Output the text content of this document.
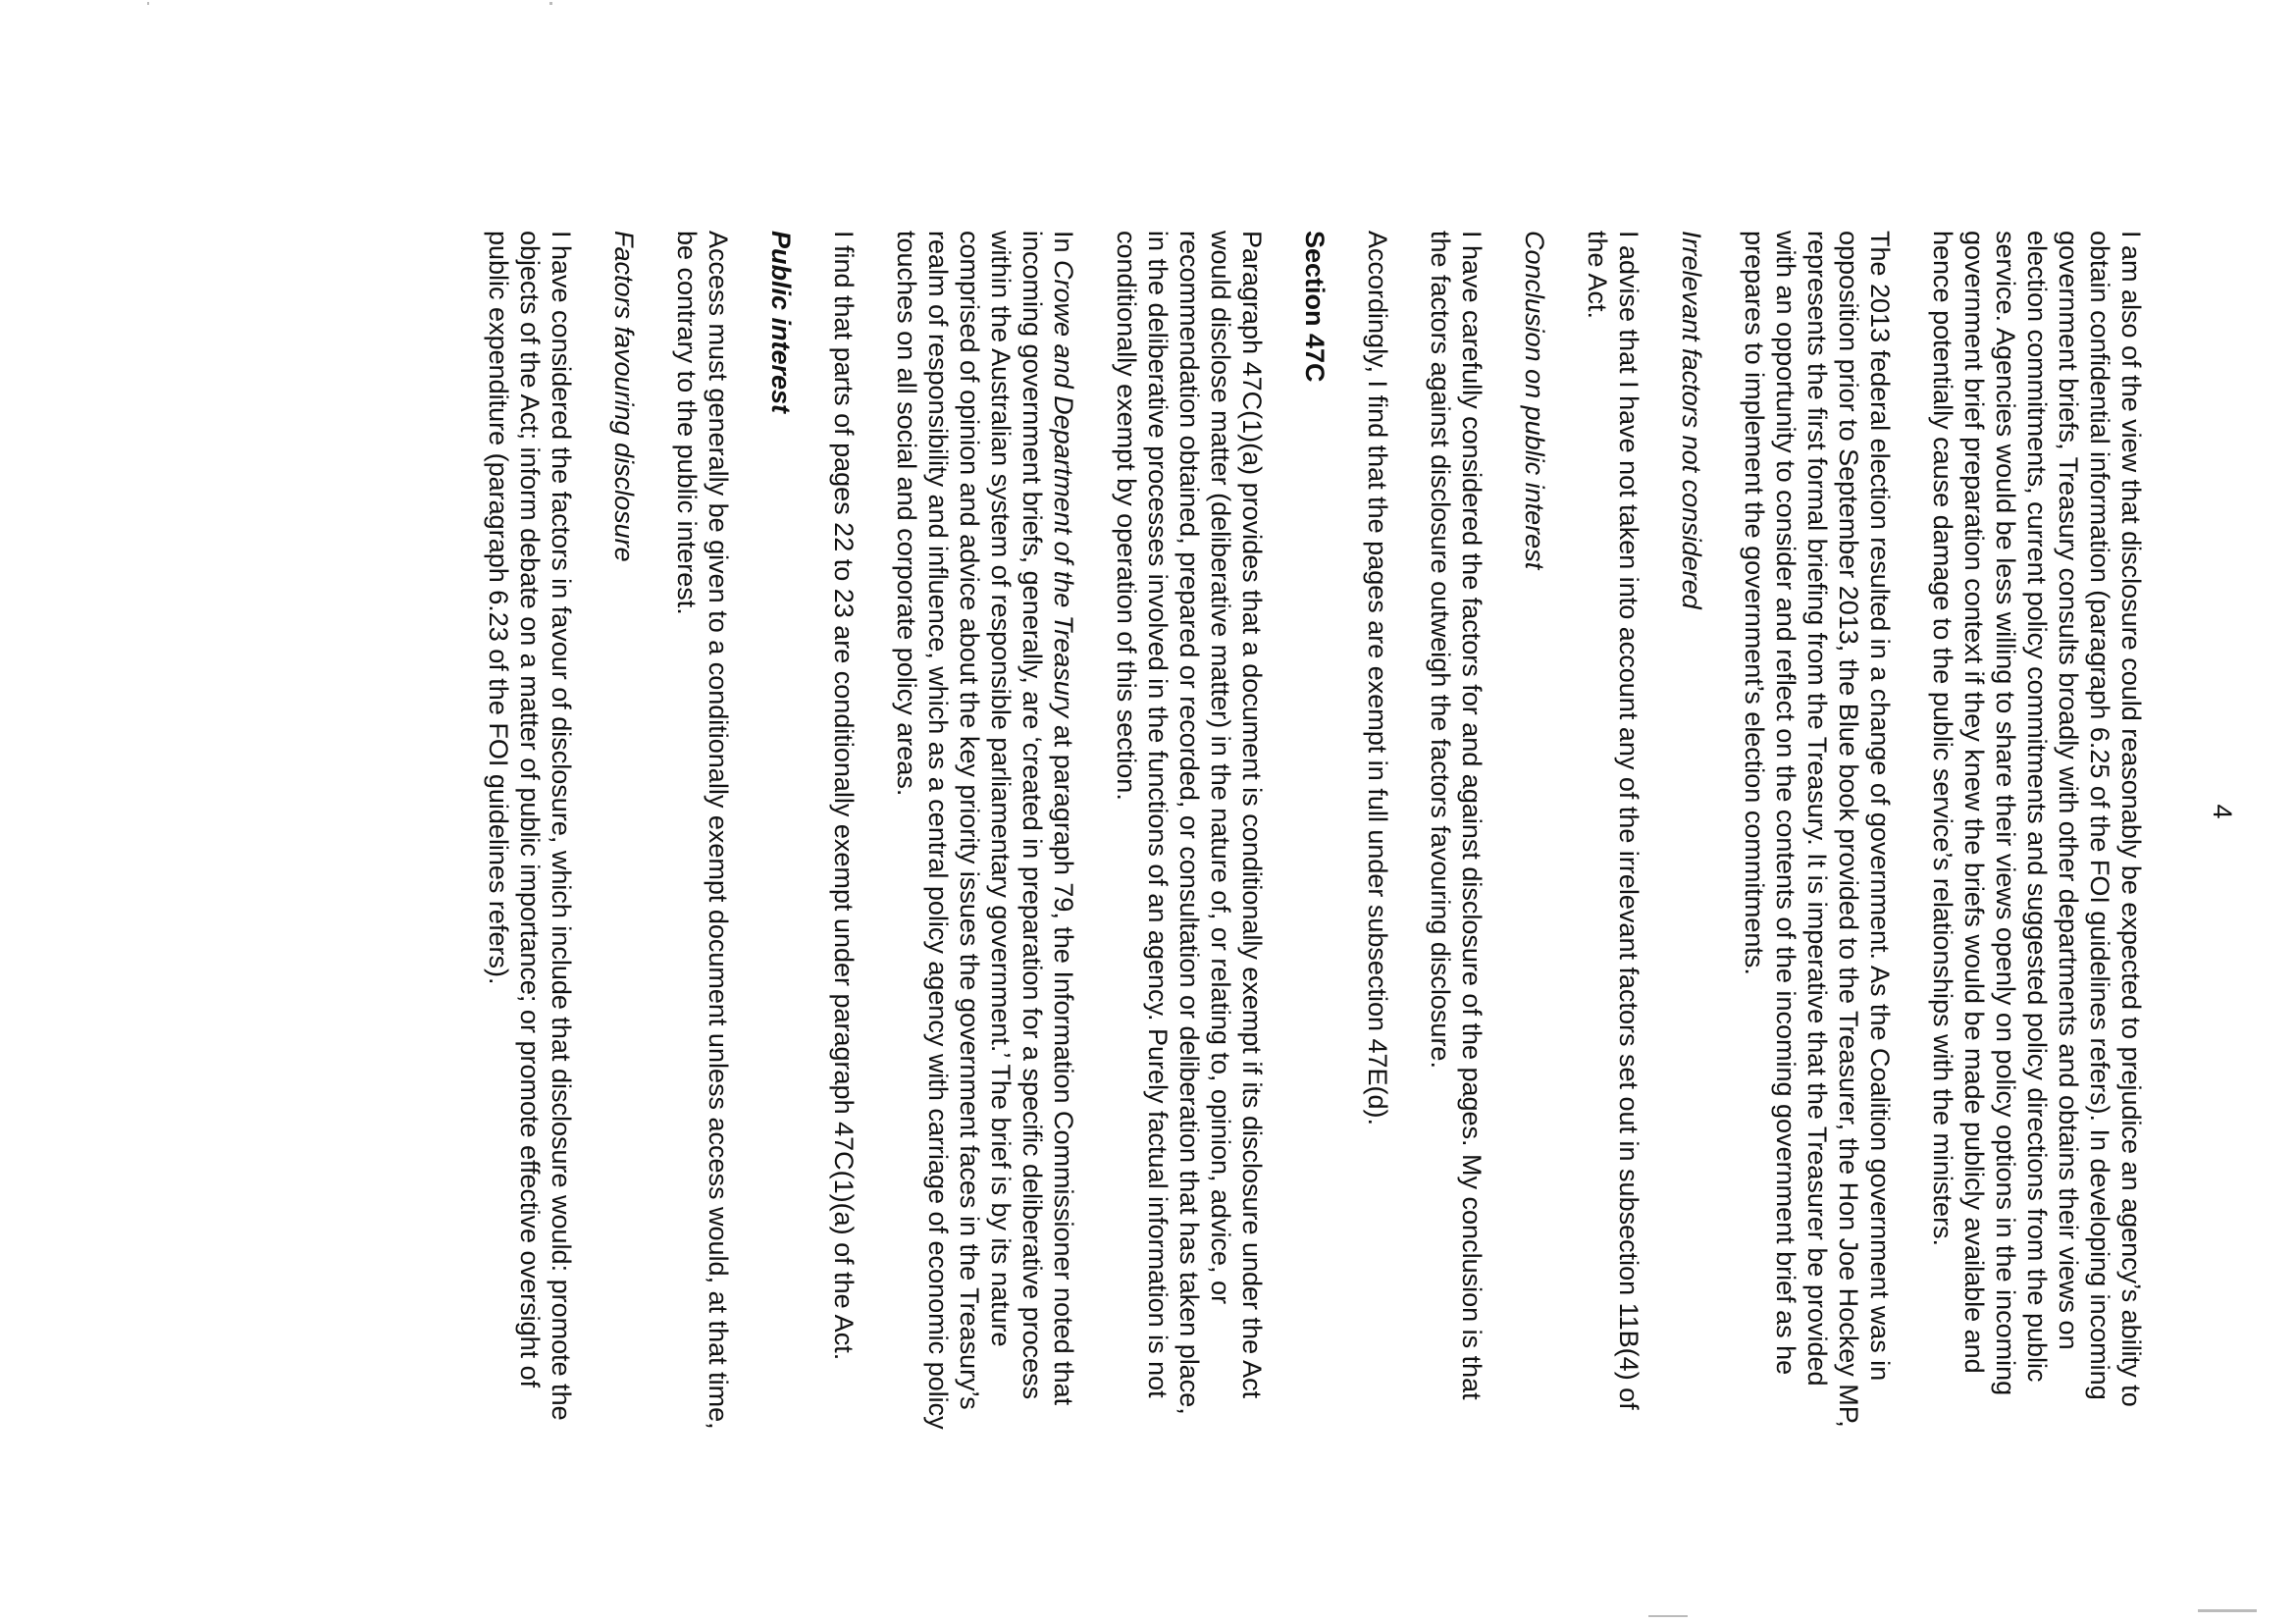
4

I am also of the view that disclosure could reasonably be expected to prejudice an agency’s ability to obtain confidential information (paragraph 6.25 of the FOI guidelines refers). In developing incoming government briefs, Treasury consults broadly with other departments and obtains their views on election commitments, current policy commitments and suggested policy directions from the public service. Agencies would be less willing to share their views openly on policy options in the incoming government brief preparation context if they knew the briefs would be made publicly available and hence potentially cause damage to the public service’s relationships with the ministers.

The 2013 federal election resulted in a change of government. As the Coalition government was in opposition prior to September 2013, the Blue book provided to the Treasurer, the Hon Joe Hockey MP, represents the first formal briefing from the Treasury. It is imperative that the Treasurer be provided with an opportunity to consider and reflect on the contents of the incoming government brief as he prepares to implement the government’s election commitments.

Irrelevant factors not considered

I advise that I have not taken into account any of the irrelevant factors set out in subsection 11B(4) of the Act.

Conclusion on public interest

I have carefully considered the factors for and against disclosure of the pages. My conclusion is that the factors against disclosure outweigh the factors favouring disclosure.

Accordingly, I find that the pages are exempt in full under subsection 47E(d).

Section 47C

Paragraph 47C(1)(a) provides that a document is conditionally exempt if its disclosure under the Act would disclose matter (deliberative matter) in the nature of, or relating to, opinion, advice, or recommendation obtained, prepared or recorded, or consultation or deliberation that has taken place, in the deliberative processes involved in the functions of an agency. Purely factual information is not conditionally exempt by operation of this section.

In Crowe and Department of the Treasury at paragraph 79, the Information Commissioner noted that incoming government briefs, generally, are ‘created in preparation for a specific deliberative process within the Australian system of responsible parliamentary government.’ The brief is by its nature comprised of opinion and advice about the key priority issues the government faces in the Treasury’s realm of responsibility and influence, which as a central policy agency with carriage of economic policy touches on all social and corporate policy areas.

I find that parts of pages 22 to 23 are conditionally exempt under paragraph 47C(1)(a) of the Act.

Public interest

Access must generally be given to a conditionally exempt document unless access would, at that time, be contrary to the public interest.

Factors favouring disclosure

I have considered the factors in favour of disclosure, which include that disclosure would: promote the objects of the Act; inform debate on a matter of public importance; or promote effective oversight of public expenditure (paragraph 6.23 of the FOI guidelines refers).
